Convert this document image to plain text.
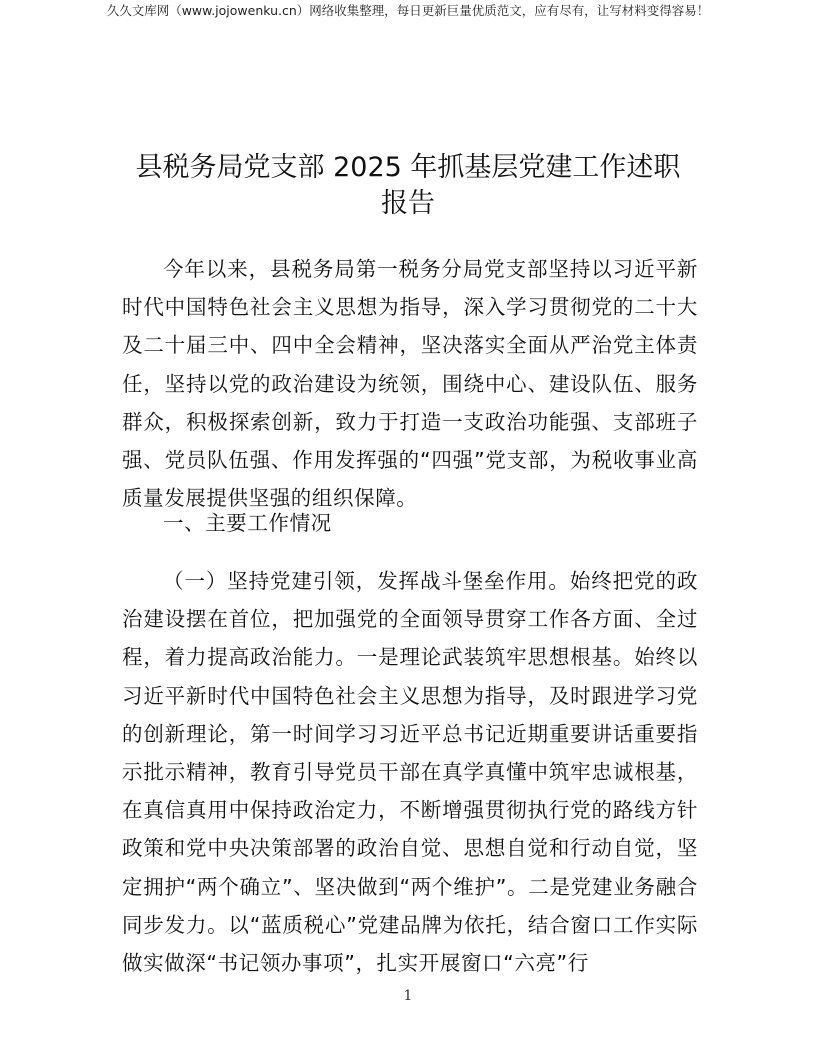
久久文库网（www.jojowenku.cn）网络收集整理，每日更新巨量优质范文，应有尽有，让写材料变得容易！
县税务局党支部 2025 年抓基层党建工作述职
报告

今年以来，县税务局第一税务分局党支部坚持以习近平新时代中国特色社会主义思想为指导，深入学习贯彻党的二十大及二十届三中、四中全会精神，坚决落实全面从严治党主体责任，坚持以党的政治建设为统领，围绕中心、建设队伍、服务群众，积极探索创新，致力于打造一支政治功能强、支部班子强、党员队伍强、作用发挥强的“四强”党支部，为税收事业高质量发展提供坚强的组织保障。

一、主要工作情况

（一）坚持党建引领，发挥战斗堡垒作用。始终把党的政治建设摆在首位，把加强党的全面领导贯穿工作各方面、全过程，着力提高政治能力。一是理论武装筑牢思想根基。始终以习近平新时代中国特色社会主义思想为指导，及时跟进学习党的创新理论，第一时间学习习近平总书记近期重要讲话重要指示批示精神，教育引导党员干部在真学真懂中筑牢忠诚根基，在真信真用中保持政治定力，不断增强贯彻执行党的路线方针政策和党中央决策部署的政治自觉、思想自觉和行动自觉，坚定拥护“两个确立”、坚决做到“两个维护”。二是党建业务融合同步发力。以“蓝质税心”党建品牌为依托，结合窗口工作实际做实做深“书记领办事项”，扎实开展窗口“六亮”行

1
